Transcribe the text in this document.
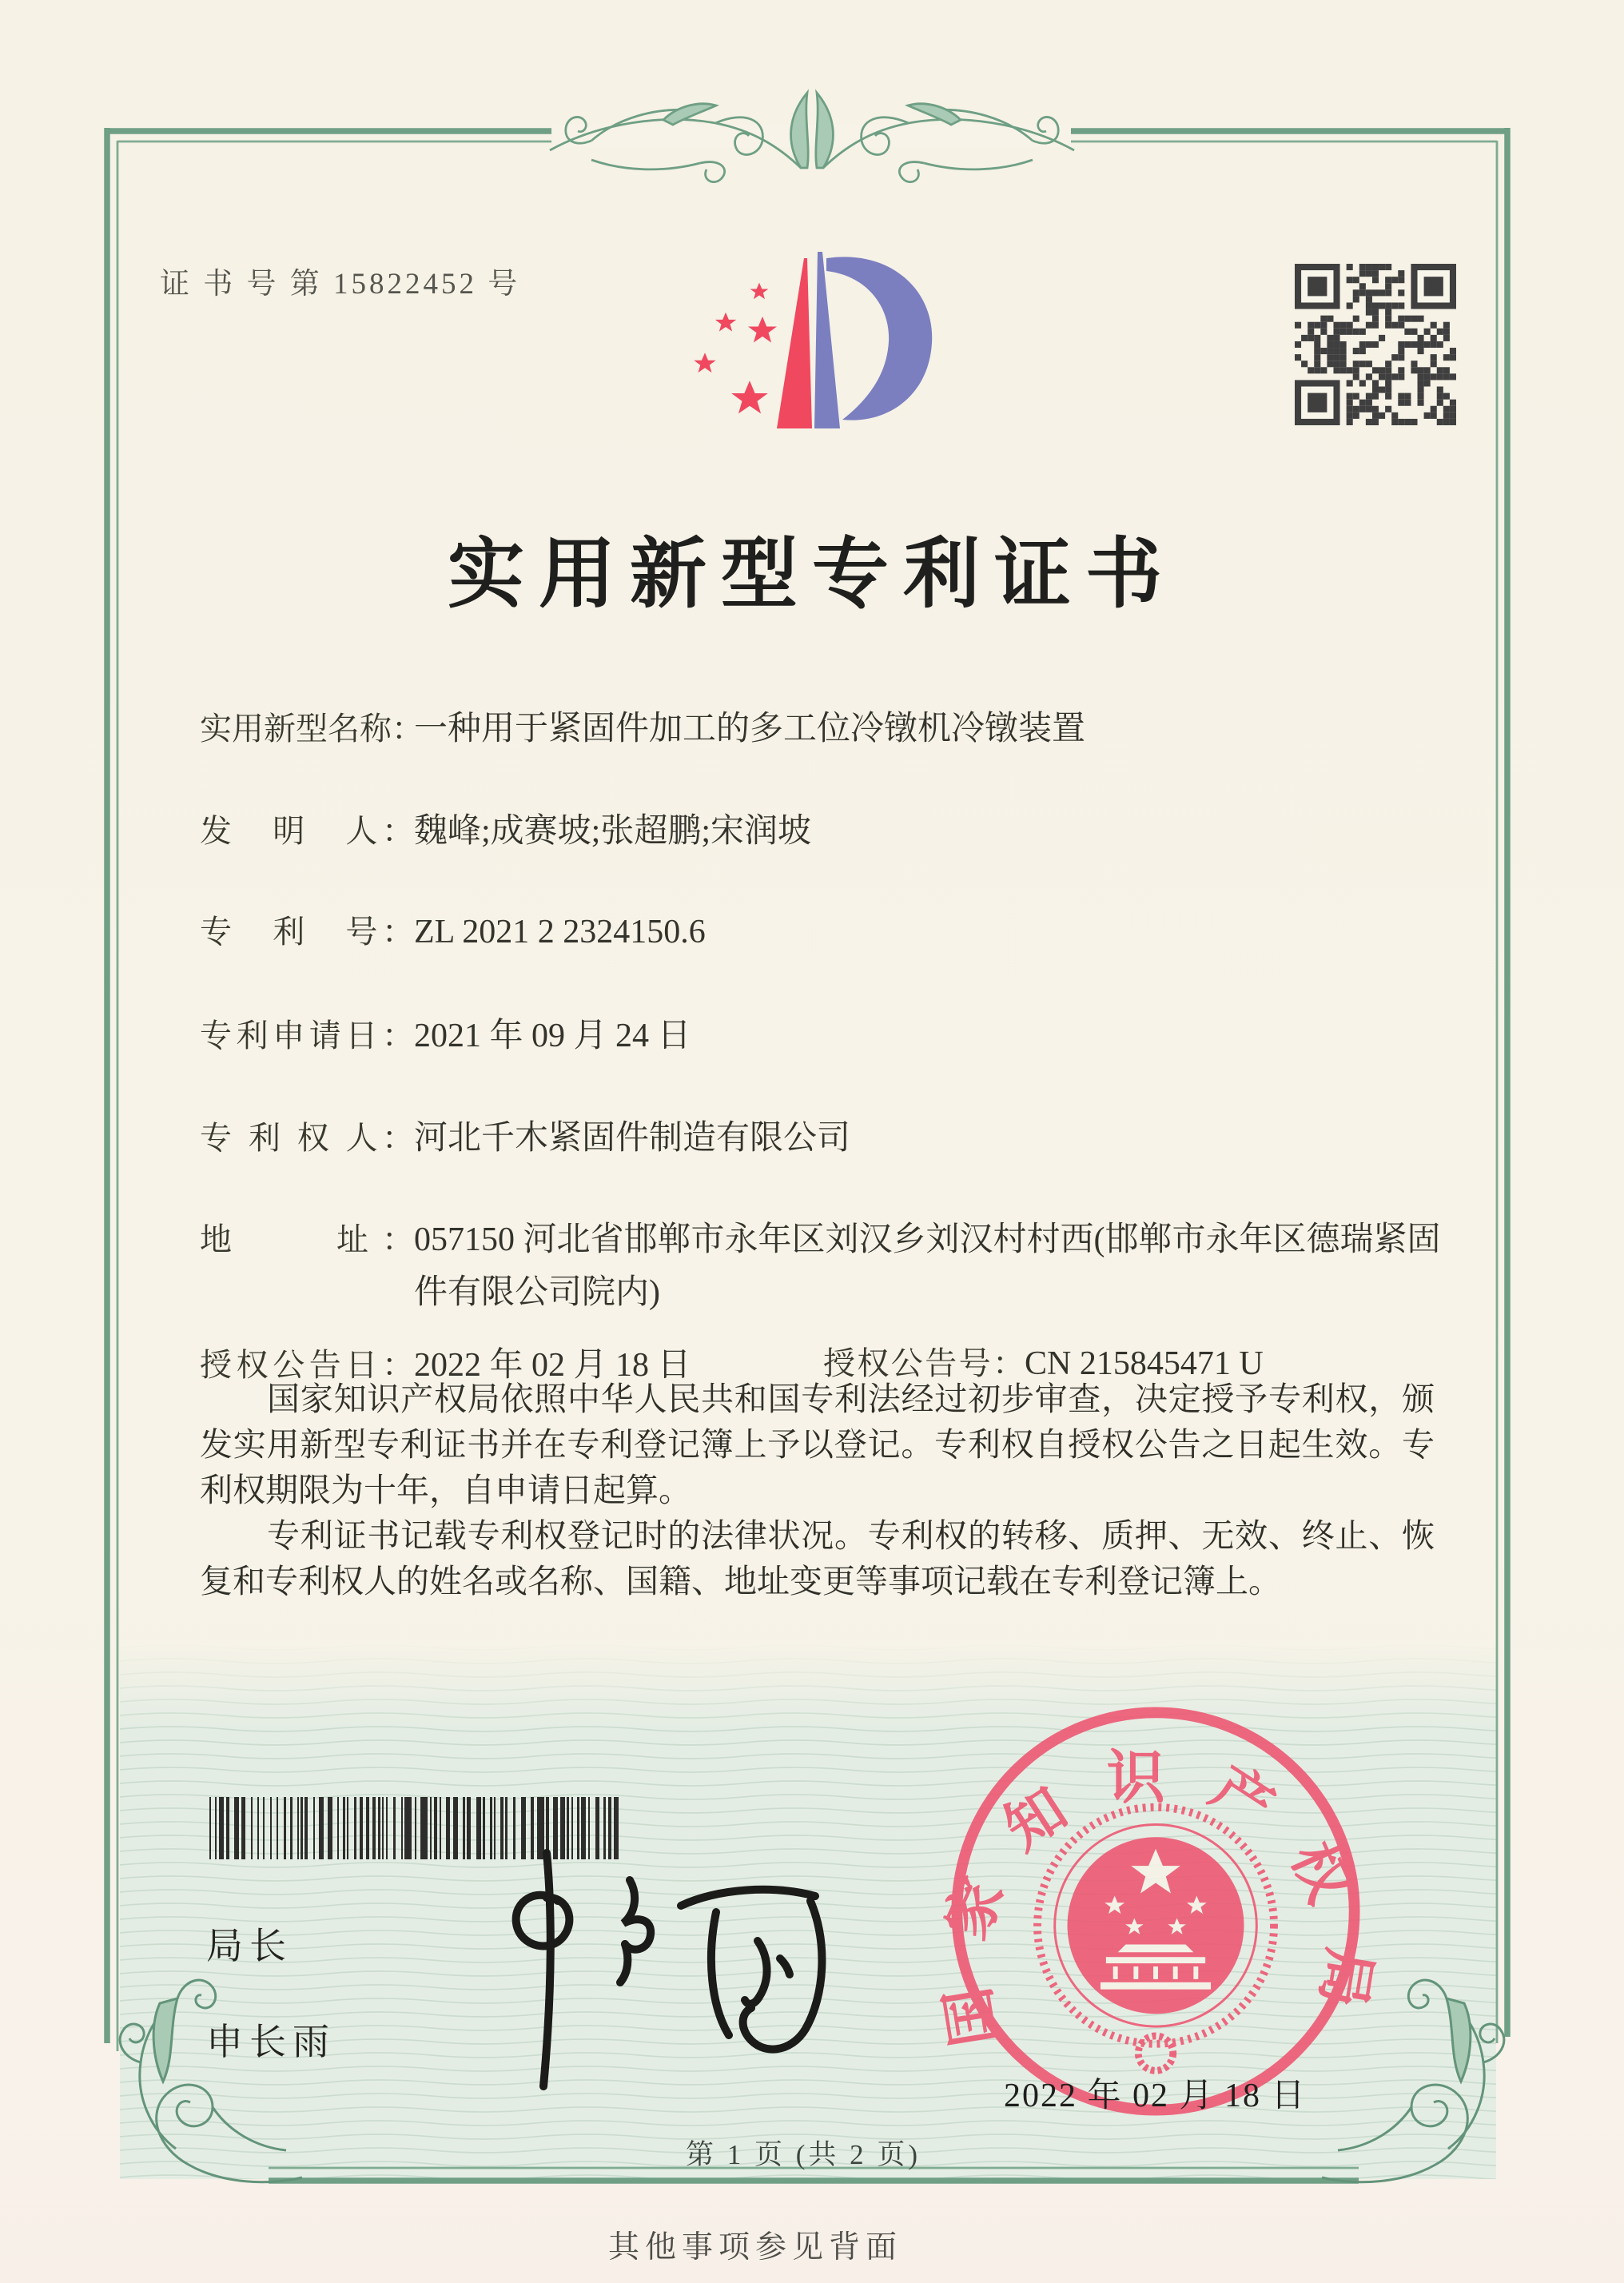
证 书 号 第 15822452 号
实用新型专利证书
实用新型名称：
一种用于紧固件加工的多工位冷镦机冷镦装置
发　明　人： 魏峰;成赛坡;张超鹏;宋润坡
专　利　号： ZL 2021 2 2324150.6
专利申请日： 2021 年 09 月 24 日
专 利 权 人： 河北千木紧固件制造有限公司
地　　址： 057150 河北省邯郸市永年区刘汉乡刘汉村村西(邯郸市永年区德瑞紧固件有限公司院内)
授权公告日： 2022 年 02 月 18 日	授权公告号： CN 215845471 U

国家知识产权局依照中华人民共和国专利法经过初步审查，决定授予专利权，颁发实用新型专利证书并在专利登记簿上予以登记。专利权自授权公告之日起生效。专利权期限为十年，自申请日起算。

专利证书记载专利权登记时的法律状况。专利权的转移、质押、无效、终止、恢复和专利权人的姓名或名称、国籍、地址变更等事项记载在专利登记簿上。

局长
申长雨	国家知识产权局
2022 年 02 月 18 日
第 1 页 (共 2 页)
其他事项参见背面
